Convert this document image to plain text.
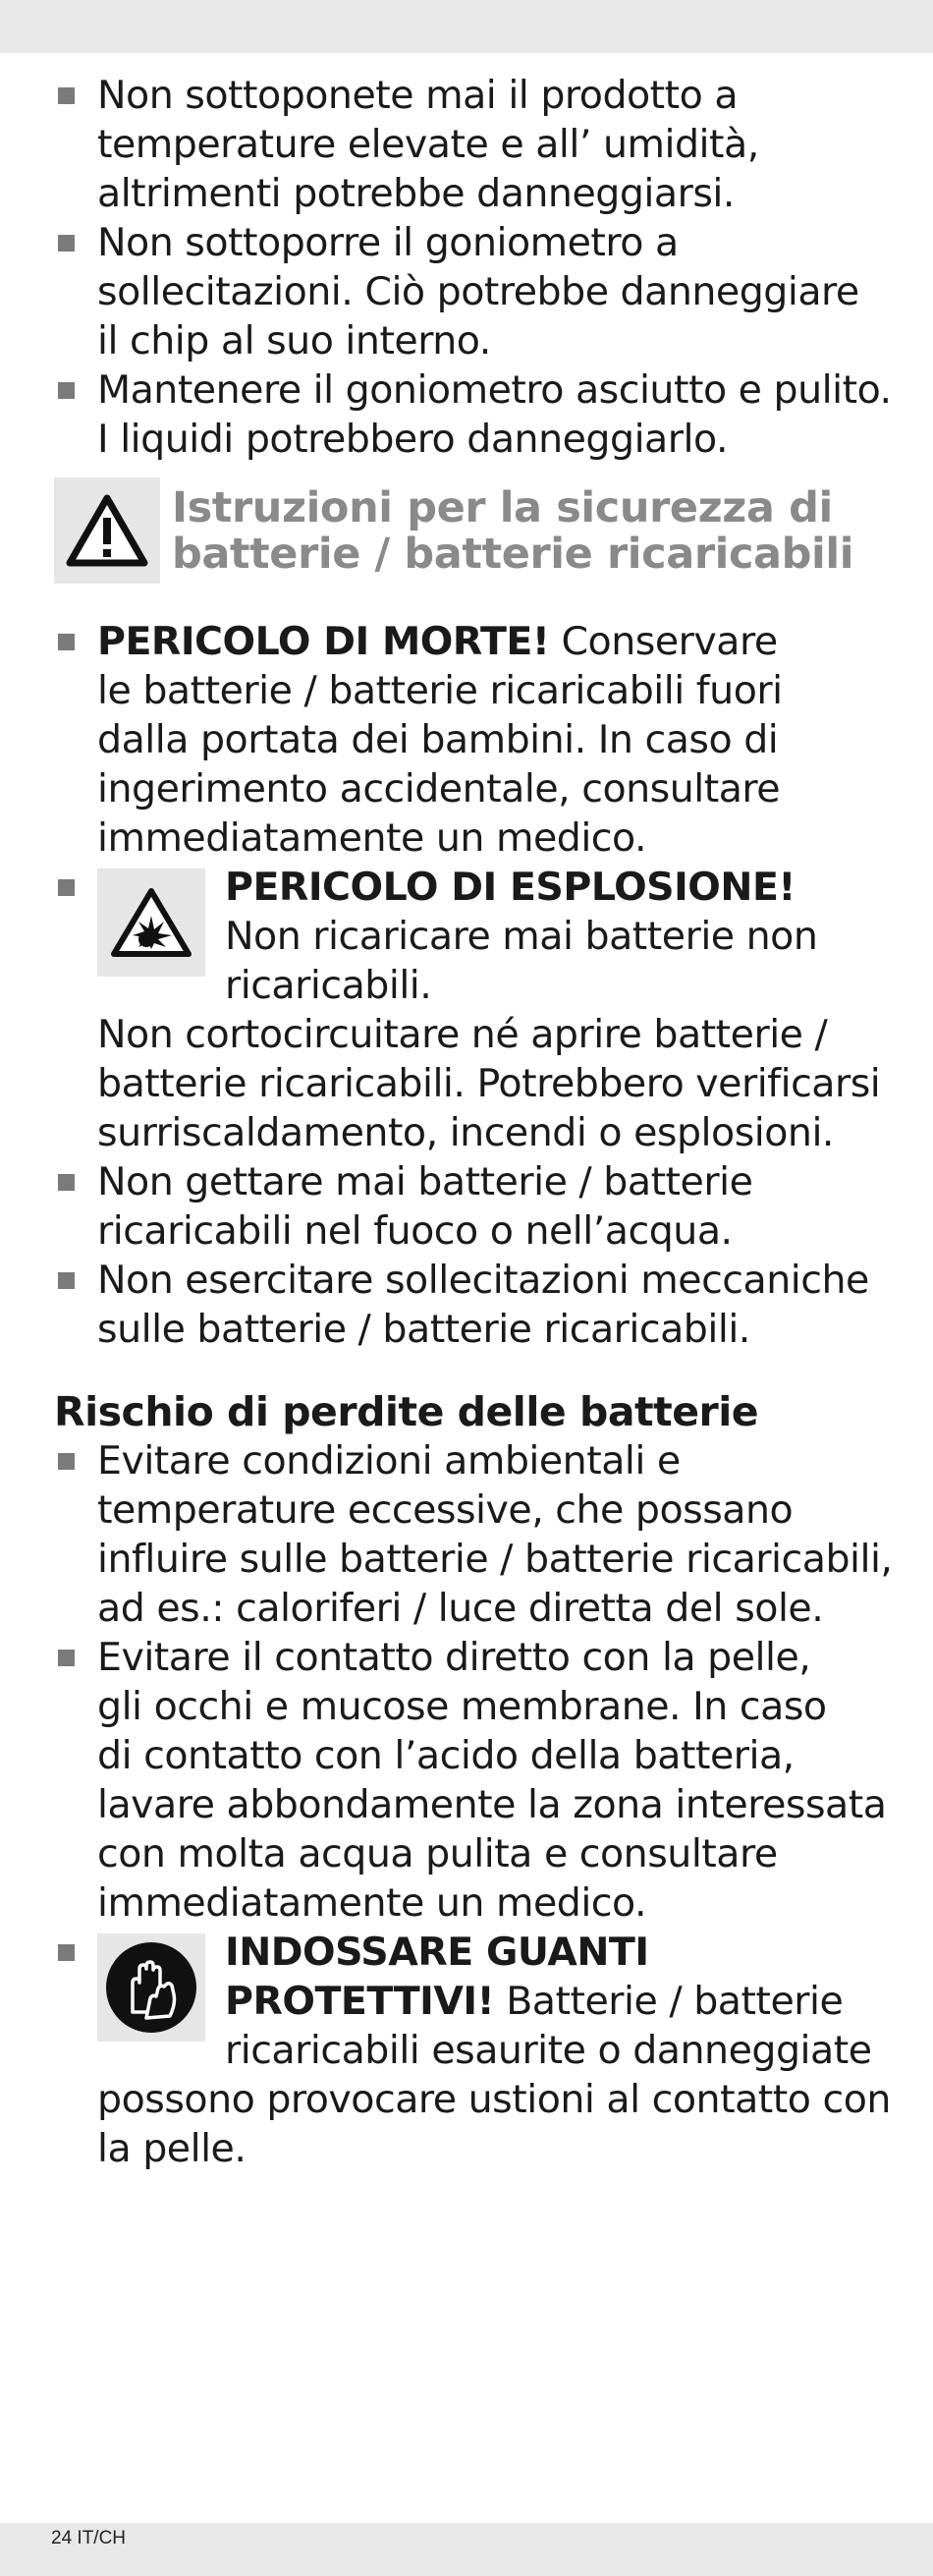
Non sottoponete mai il prodotto a
temperature elevate e all’ umidità,
altrimenti potrebbe danneggiarsi.
Non sottoporre il goniometro a
sollecitazioni. Ciò potrebbe danneggiare
il chip al suo interno.
Mantenere il goniometro asciutto e pulito.
I liquidi potrebbero danneggiarlo.
Istruzioni per la sicurezza di
batterie / batterie ricaricabili
PERICOLO DI MORTE! Conservare
le batterie / batterie ricaricabili fuori
dalla portata dei bambini. In caso di
ingerimento accidentale, consultare
immediatamente un medico.
PERICOLO DI ESPLOSIONE!
Non ricaricare mai batterie non
ricaricabili.
Non cortocircuitare né aprire batterie /
batterie ricaricabili. Potrebbero verificarsi
surriscaldamento, incendi o esplosioni.
Non gettare mai batterie / batterie
ricaricabili nel fuoco o nell’acqua.
Non esercitare sollecitazioni meccaniche
sulle batterie / batterie ricaricabili.
Rischio di perdite delle batterie
Evitare condizioni ambientali e
temperature eccessive, che possano
influire sulle batterie / batterie ricaricabili,
ad es.: caloriferi / luce diretta del sole.
Evitare il contatto diretto con la pelle,
gli occhi e mucose membrane. In caso
di contatto con l’acido della batteria,
lavare abbondamente la zona interessata
con molta acqua pulita e consultare
immediatamente un medico.
INDOSSARE GUANTI
PROTETTIVI! Batterie / batterie
ricaricabili esaurite o danneggiate
possono provocare ustioni al contatto con
la pelle.
24 IT/CH
